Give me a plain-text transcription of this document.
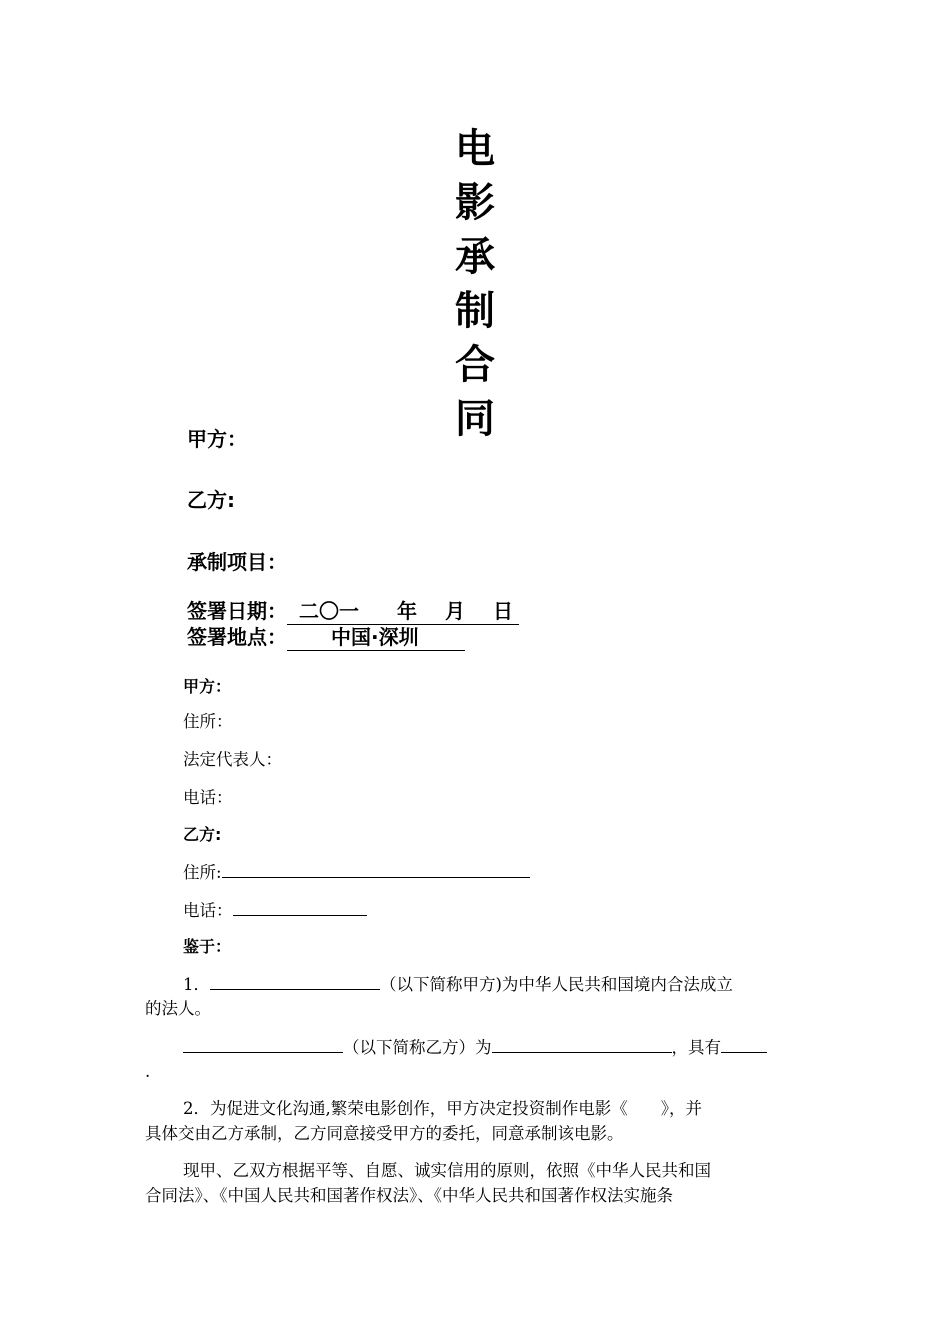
电
影
承
制
合
同
甲方：
乙方:
承制项目：
签署日期： 二〇一 年 月 日
签署地点： 中国·深圳
甲方：
住所：
法定代表人：
电话：
乙方:
住所:
电话：
鉴于：
1．	（以下简称甲方)为中华人民共和国境内合法成立
的法人。
（以下简称乙方）为	，具有
.
2．为促进文化沟通,繁荣电影创作，甲方决定投资制作电影《　　》，并
具体交由乙方承制，乙方同意接受甲方的委托，同意承制该电影。
现甲、乙双方根据平等、自愿、诚实信用的原则，依照《中华人民共和国
合同法》、《中国人民共和国著作权法》、《中华人民共和国著作权法实施条
